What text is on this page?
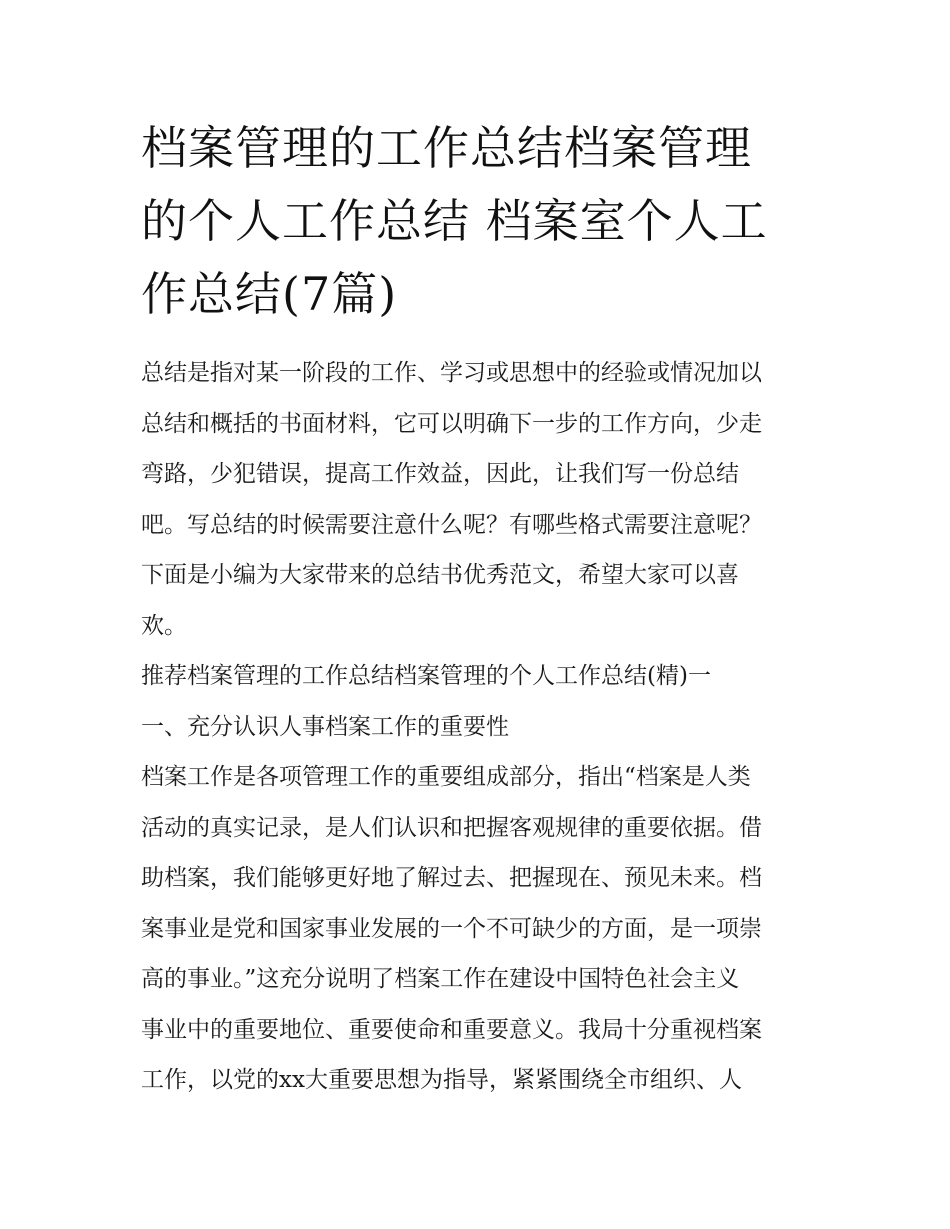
档案管理的工作总结档案管理
的个人工作总结 档案室个人工
作总结(7篇)

总结是指对某一阶段的工作、学习或思想中的经验或情况加以
总结和概括的书面材料，它可以明确下一步的工作方向，少走
弯路，少犯错误，提高工作效益，因此，让我们写一份总结
吧。写总结的时候需要注意什么呢？有哪些格式需要注意呢？
下面是小编为大家带来的总结书优秀范文，希望大家可以喜
欢。

推荐档案管理的工作总结档案管理的个人工作总结(精)一

一、充分认识人事档案工作的重要性

档案工作是各项管理工作的重要组成部分，指出“档案是人类
活动的真实记录，是人们认识和把握客观规律的重要依据。借
助档案，我们能够更好地了解过去、把握现在、预见未来。档
案事业是党和国家事业发展的一个不可缺少的方面，是一项崇
高的事业。”这充分说明了档案工作在建设中国特色社会主义
事业中的重要地位、重要使命和重要意义。我局十分重视档案
工作，以党的xx大重要思想为指导，紧紧围绕全市组织、人
